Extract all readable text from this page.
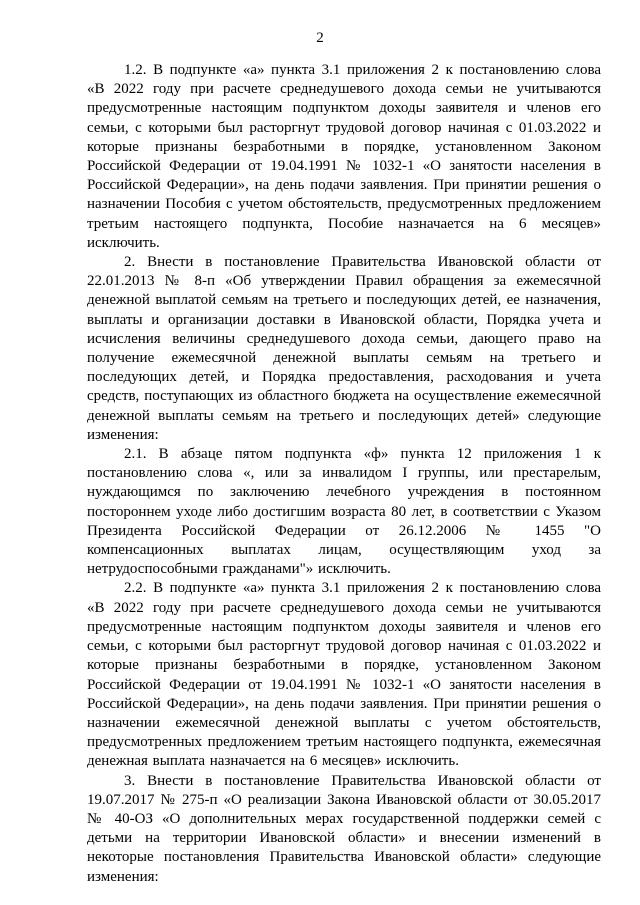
2

1.2. В подпункте «а» пункта 3.1 приложения 2 к постановлению слова «В 2022 году при расчете среднедушевого дохода семьи не учитываются предусмотренные настоящим подпунктом доходы заявителя и членов его семьи, с которыми был расторгнут трудовой договор начиная с 01.03.2022 и которые признаны безработными в порядке, установленном Законом Российской Федерации от 19.04.1991 № 1032-1 «О занятости населения в Российской Федерации», на день подачи заявления. При принятии решения о назначении Пособия с учетом обстоятельств, предусмотренных предложением третьим настоящего подпункта, Пособие назначается на 6 месяцев» исключить.

2. Внести в постановление Правительства Ивановской области от 22.01.2013 № 8-п «Об утверждении Правил обращения за ежемесячной денежной выплатой семьям на третьего и последующих детей, ее назначения, выплаты и организации доставки в Ивановской области, Порядка учета и исчисления величины среднедушевого дохода семьи, дающего право на получение ежемесячной денежной выплаты семьям на третьего и последующих детей, и Порядка предоставления, расходования и учета средств, поступающих из областного бюджета на осуществление ежемесячной денежной выплаты семьям на третьего и последующих детей» следующие изменения:

2.1. В абзаце пятом подпункта «ф» пункта 12 приложения 1 к постановлению слова «, или за инвалидом I группы, или престарелым, нуждающимся по заключению лечебного учреждения в постоянном постороннем уходе либо достигшим возраста 80 лет, в соответствии с Указом Президента Российской Федерации от 26.12.2006 № 1455 "О компенсационных выплатах лицам, осуществляющим уход за нетрудоспособными гражданами"» исключить.

2.2. В подпункте «а» пункта 3.1 приложения 2 к постановлению слова «В 2022 году при расчете среднедушевого дохода семьи не учитываются предусмотренные настоящим подпунктом доходы заявителя и членов его семьи, с которыми был расторгнут трудовой договор начиная с 01.03.2022 и которые признаны безработными в порядке, установленном Законом Российской Федерации от 19.04.1991 № 1032-1 «О занятости населения в Российской Федерации», на день подачи заявления. При принятии решения о назначении ежемесячной денежной выплаты с учетом обстоятельств, предусмотренных предложением третьим настоящего подпункта, ежемесячная денежная выплата назначается на 6 месяцев» исключить.

3. Внести в постановление Правительства Ивановской области от 19.07.2017 № 275-п «О реализации Закона Ивановской области от 30.05.2017 № 40-ОЗ «О дополнительных мерах государственной поддержки семей с детьми на территории Ивановской области» и внесении изменений в некоторые постановления Правительства Ивановской области» следующие изменения:
